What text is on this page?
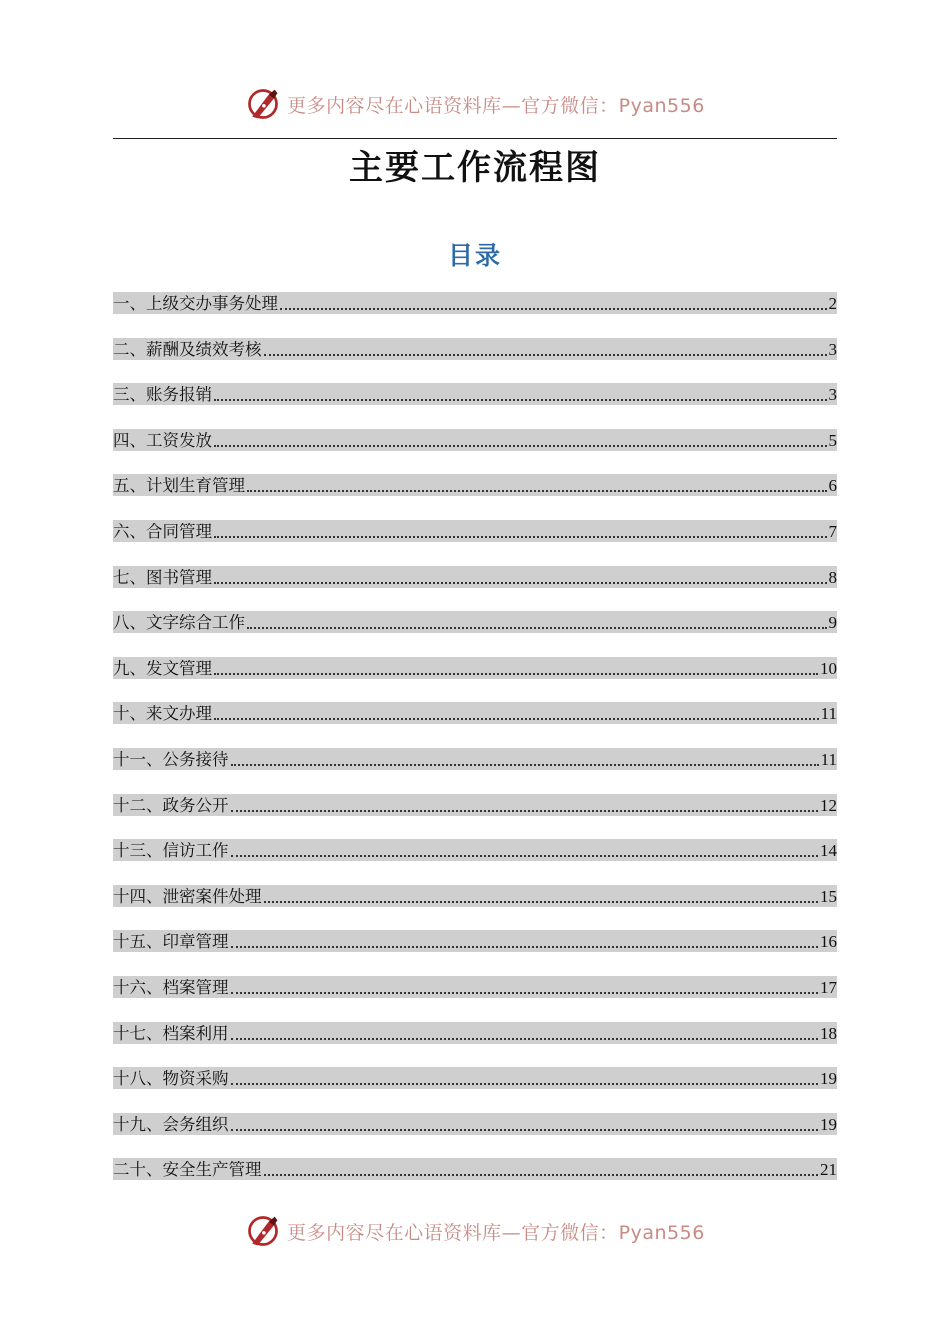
更多内容尽在心语资料库—官方微信：Pyan556
主要工作流程图
目录
一、上级交办事务处理	2
二、薪酬及绩效考核	3
三、账务报销	3
四、工资发放	5
五、计划生育管理	6
六、合同管理	7
七、图书管理	8
八、文字综合工作	9
九、发文管理	10
十、来文办理	11
十一、公务接待	11
十二、政务公开	12
十三、信访工作	14
十四、泄密案件处理	15
十五、印章管理	16
十六、档案管理	17
十七、档案利用	18
十八、物资采购	19
十九、会务组织	19
二十、安全生产管理	21
更多内容尽在心语资料库—官方微信：Pyan556
